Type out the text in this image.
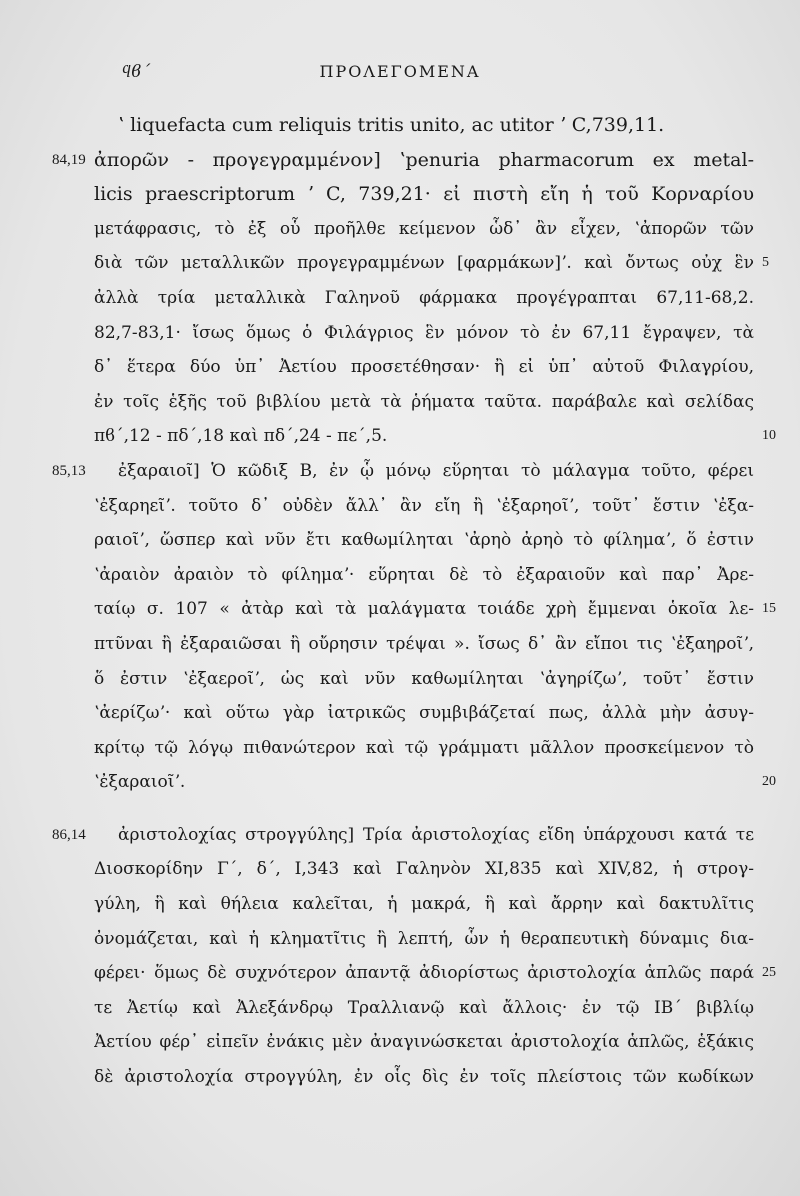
ϥϐ΄	ΠΡΟΛΕΓΟΜΕΝΑ
ʽ liquefacta cum reliquis tritis unito, ac utitor ʼ C,739,11.
84,19 ἀπορῶν - προγεγραμμένον] ʽpenuria pharmacorum ex metal-
licis praescriptorum ʼ C, 739,21· εἰ πιστὴ εἴη ἡ τοῦ Κορναρίου
μετάφρασις, τὸ ἐξ οὗ προῆλθε κείμενον ὧδ᾿ ἂν εἶχεν, ʽἀπορῶν τῶν
διὰ τῶν μεταλλικῶν προγεγραμμένων [φαρμάκων]ʼ. καὶ ὄντως οὐχ ἓν 5
ἀλλὰ τρία μεταλλικὰ Γαληνοῦ φάρμακα προγέγραπται 67,11-68,2.
82,7-83,1· ἴσως ὅμως ὁ Φιλάγριος ἓν μόνον τὸ ἐν 67,11 ἔγραψεν, τὰ
δ᾿ ἕτερα δύο ὑπ᾿ Ἀετίου προσετέθησαν· ἢ εἰ ὑπ᾿ αὐτοῦ Φιλαγρίου,
ἐν τοῖς ἑξῆς τοῦ βιβλίου μετὰ τὰ ῥήματα ταῦτα. παράβαλε καὶ σελίδας
πϐ΄,12 - πδ΄,18 καὶ πδ΄,24 - πε΄,5.	10
85,13 ἐξαραιοῖ] Ὁ κῶδιξ Β, ἐν ᾧ μόνῳ εὕρηται τὸ μάλαγμα τοῦτο, φέρει
ʽἐξαρηεῖʼ. τοῦτο δ᾿ οὐδὲν ἄλλ᾿ ἂν εἴη ἢ ʽἐξαρηοῖʼ, τοῦτ᾿ ἔστιν ʽἐξα-
ραιοῖʼ, ὥσπερ καὶ νῦν ἔτι καθωμίληται ʽἀρηὸ ἀρηὸ τὸ φίλημαʼ, ὅ ἐστιν
ʽἀραιὸν ἀραιὸν τὸ φίλημαʼ· εὕρηται δὲ τὸ ἐξαραιοῦν καὶ παρ᾿ Ἀρε-
ταίῳ σ. 107 « ἀτὰρ καὶ τὰ μαλάγματα τοιάδε χρὴ ἔμμεναι ὁκοῖα λε- 15
πτῦναι ἢ ἐξαραιῶσαι ἢ οὔρησιν τρέψαι ». ἴσως δ᾿ ἂν εἴποι τις ʽἐξαηροῖʼ,
ὅ ἐστιν ʽἐξαεροῖʼ, ὡς καὶ νῦν καθωμίληται ʽἀγηρίζωʼ, τοῦτ᾿ ἔστιν
ʽἀερίζωʼ· καὶ οὕτω γὰρ ἰατρικῶς συμβιβάζεταί πως, ἀλλὰ μὴν ἀσυγ-
κρίτῳ τῷ λόγῳ πιθανώτερον καὶ τῷ γράμματι μᾶλλον προσκείμενον τὸ
ʽἐξαραιοῖʼ.	20
86,14 ἀριστολοχίας στρογγύλης] Τρία ἀριστολοχίας εἴδη ὑπάρχουσι κατά τε
Διοσκορίδην Γ΄, δ΄, I,343 καὶ Γαληνὸν XI,835 καὶ XIV,82, ἡ στρογ-
γύλη, ἣ καὶ θήλεια καλεῖται, ἡ μακρά, ἣ καὶ ἄρρην καὶ δακτυλῖτις
ὀνομάζεται, καὶ ἡ κληματῖτις ἢ λεπτή, ὧν ἡ θεραπευτικὴ δύναμις δια-
φέρει· ὅμως δὲ συχνότερον ἀπαντᾷ ἀδιορίστως ἀριστολοχία ἁπλῶς παρά 25
τε Ἀετίῳ καὶ Ἀλεξάνδρῳ Τραλλιανῷ καὶ ἄλλοις· ἐν τῷ ΙΒ΄ βιβλίῳ
Ἀετίου φέρ᾿ εἰπεῖν ἐνάκις μὲν ἀναγινώσκεται ἀριστολοχία ἁπλῶς, ἑξάκις
δὲ ἀριστολοχία στρογγύλη, ἐν οἷς δὶς ἐν τοῖς πλείστοις τῶν κωδίκων
